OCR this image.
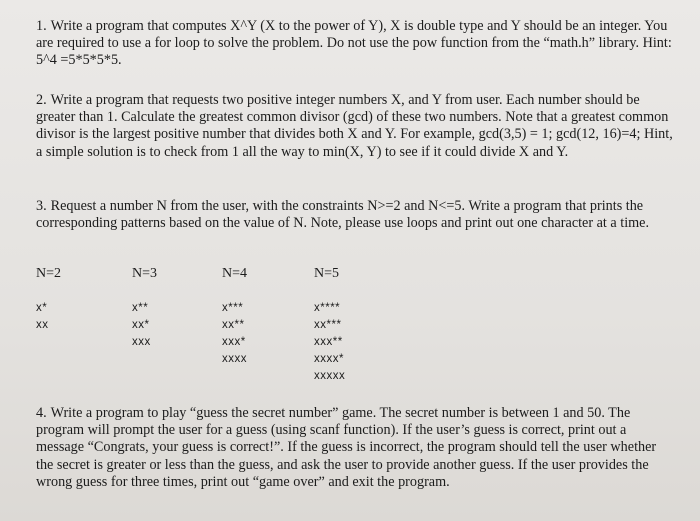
1. Write a program that computes X^Y (X to the power of Y), X is double type and Y should be an integer. You are required to use a for loop to solve the problem. Do not use the pow function from the “math.h” library. Hint: 5^4 =5*5*5*5.

2. Write a program that requests two positive integer numbers X, and Y from user. Each number should be greater than 1. Calculate the greatest common divisor (gcd) of these two numbers. Note that a greatest common divisor is the largest positive number that divides both X and Y. For example, gcd(3,5) = 1; gcd(12, 16)=4; Hint, a simple solution is to check from 1 all the way to min(X, Y) to see if it could divide X and Y.

3. Request a number N from the user, with the constraints N>=2 and N<=5. Write a program that prints the corresponding patterns based on the value of N. Note, please use loops and print out one character at a time.

N=2
x*
xx
N=3
x**
xx*
xxx
N=4
x***
xx**
xxx*
xxxx
N=5
x****
xx***
xxx**
xxxx*
xxxxx

4. Write a program to play “guess the secret number” game. The secret number is between 1 and 50. The program will prompt the user for a guess (using scanf function). If the user’s guess is correct, print out a message “Congrats, your guess is correct!”. If the guess is incorrect, the program should tell the user whether the secret is greater or less than the guess, and ask the user to provide another guess. If the user provides the wrong guess for three times, print out “game over” and exit the program.
